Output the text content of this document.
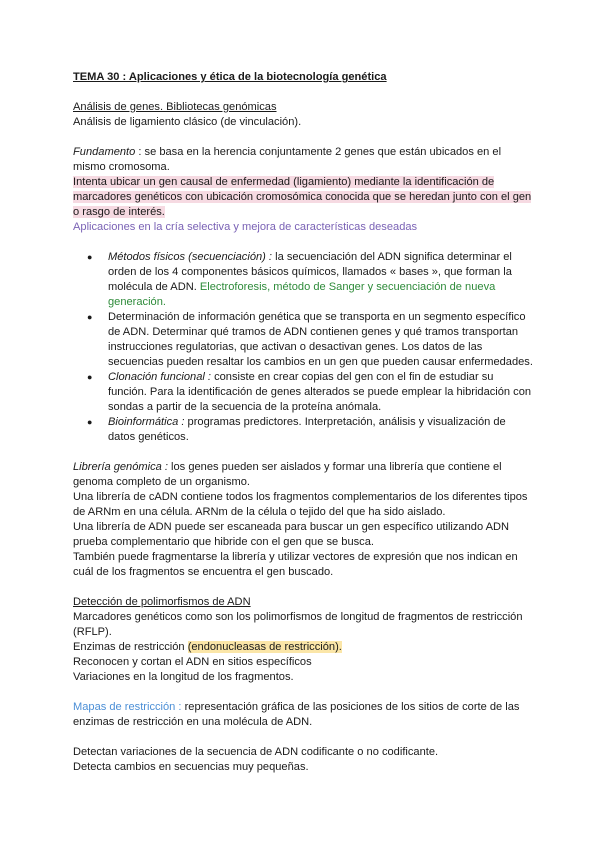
TEMA 30 : Aplicaciones y ética de la biotecnología genética

Análisis de genes. Bibliotecas genómicas

Análisis de ligamiento clásico (de vinculación).

Fundamento : se basa en la herencia conjuntamente 2 genes que están ubicados en el mismo cromosoma.

Intenta ubicar un gen causal de enfermedad (ligamiento) mediante la identificación de marcadores genéticos con ubicación cromosómica conocida que se heredan junto con el gen o rasgo de interés.

Aplicaciones en la cría selectiva y mejora de características deseadas

● Métodos físicos (secuenciación) : la secuenciación del ADN significa determinar el orden de los 4 componentes básicos químicos, llamados « bases », que forman la molécula de ADN. Electroforesis, método de Sanger y secuenciación de nueva generación.
● Determinación de información genética que se transporta en un segmento específico de ADN. Determinar qué tramos de ADN contienen genes y qué tramos transportan instrucciones regulatorias, que activan o desactivan genes. Los datos de las secuencias pueden resaltar los cambios en un gen que pueden causar enfermedades.
● Clonación funcional : consiste en crear copias del gen con el fin de estudiar su función. Para la identificación de genes alterados se puede emplear la hibridación con sondas a partir de la secuencia de la proteína anómala.
● Bioinformática : programas predictores. Interpretación, análisis y visualización de datos genéticos.

Librería genómica : los genes pueden ser aislados y formar una librería que contiene el genoma completo de un organismo.

Una librería de cADN contiene todos los fragmentos complementarios de los diferentes tipos de ARNm en una célula. ARNm de la célula o tejido del que ha sido aislado.

Una librería de ADN puede ser escaneada para buscar un gen específico utilizando ADN prueba complementario que hibride con el gen que se busca.

También puede fragmentarse la librería y utilizar vectores de expresión que nos indican en cuál de los fragmentos se encuentra el gen buscado.

Detección de polimorfismos de ADN

Marcadores genéticos como son los polimorfismos de longitud de fragmentos de restricción (RFLP).

Enzimas de restricción (endonucleasas de restricción).

Reconocen y cortan el ADN en sitios específicos

Variaciones en la longitud de los fragmentos.

Mapas de restricción : representación gráfica de las posiciones de los sitios de corte de las enzimas de restricción en una molécula de ADN.

Detectan variaciones de la secuencia de ADN codificante o no codificante.

Detecta cambios en secuencias muy pequeñas.
